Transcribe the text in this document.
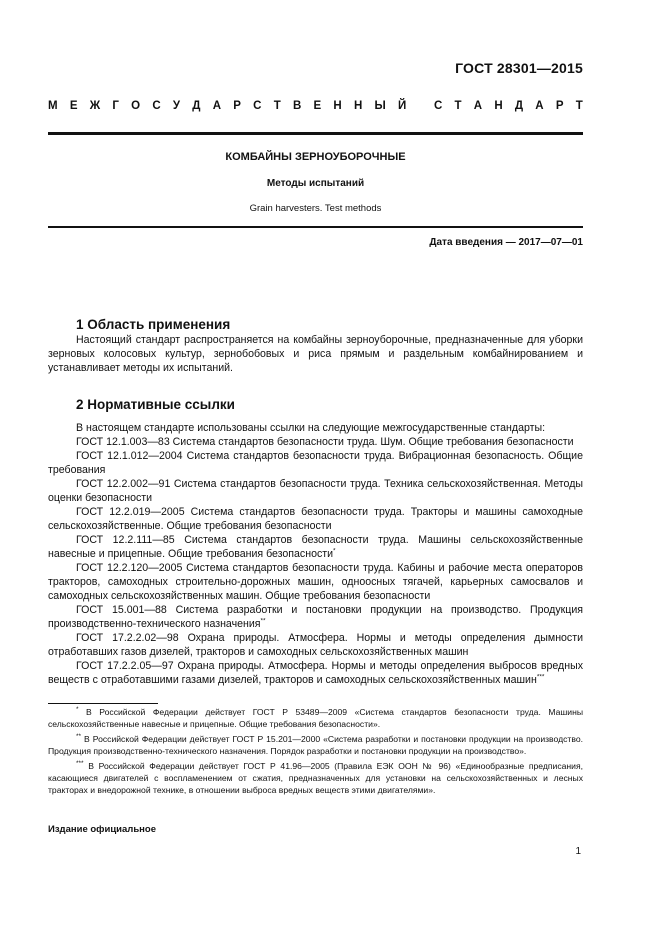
ГОСТ 28301—2015
М Е Ж Г О С У Д А Р С Т В Е Н Н Ы Й
С Т А Н Д А Р Т
КОМБАЙНЫ ЗЕРНОУБОРОЧНЫЕ
Методы испытаний
Grain harvesters. Test methods
Дата введения — 2017—07—01
1 Область применения

Настоящий стандарт распространяется на комбайны зерноуборочные, предназначенные для уборки зерновых колосовых культур, зернобобовых и риса прямым и раздельным комбайнированием и устанавливает методы их испытаний.

2 Нормативные ссылки

В настоящем стандарте использованы ссылки на следующие межгосударственные стандарты:

ГОСТ 12.1.003—83 Система стандартов безопасности труда. Шум. Общие требования безопасности

ГОСТ 12.1.012—2004 Система стандартов безопасности труда. Вибрационная безопасность. Общие требования

ГОСТ 12.2.002—91 Система стандартов безопасности труда. Техника сельскохозяйственная. Методы оценки безопасности

ГОСТ 12.2.019—2005 Система стандартов безопасности труда. Тракторы и машины самоходные сельскохозяйственные. Общие требования безопасности

ГОСТ 12.2.111—85 Система стандартов безопасности труда. Машины сельскохозяйственные навесные и прицепные. Общие требования безопасности*

ГОСТ 12.2.120—2005 Система стандартов безопасности труда. Кабины и рабочие места операторов тракторов, самоходных строительно-дорожных машин, одноосных тягачей, карьерных самосвалов и самоходных сельскохозяйственных машин. Общие требования безопасности

ГОСТ 15.001—88 Система разработки и постановки продукции на производство. Продукция производственно-технического назначения**

ГОСТ 17.2.2.02—98 Охрана природы. Атмосфера. Нормы и методы определения дымности отработавших газов дизелей, тракторов и самоходных сельскохозяйственных машин

ГОСТ 17.2.2.05—97 Охрана природы. Атмосфера. Нормы и методы определения выбросов вредных веществ с отработавшими газами дизелей, тракторов и самоходных сельскохозяйственных машин***

* В Российской Федерации действует ГОСТ Р 53489—2009 «Система стандартов безопасности труда. Машины сельскохозяйственные навесные и прицепные. Общие требования безопасности».

** В Российской Федерации действует ГОСТ Р 15.201—2000 «Система разработки и постановки продукции на производство. Продукция производственно-технического назначения. Порядок разработки и постановки продукции на производство».

*** В Российской Федерации действует ГОСТ Р 41.96—2005 (Правила ЕЭК ООН № 96) «Единообразные предписания, касающиеся двигателей с воспламенением от сжатия, предназначенных для установки на сельскохозяйственных и лесных тракторах и внедорожной технике, в отношении выброса вредных веществ этими двигателями».

Издание официальное
1
